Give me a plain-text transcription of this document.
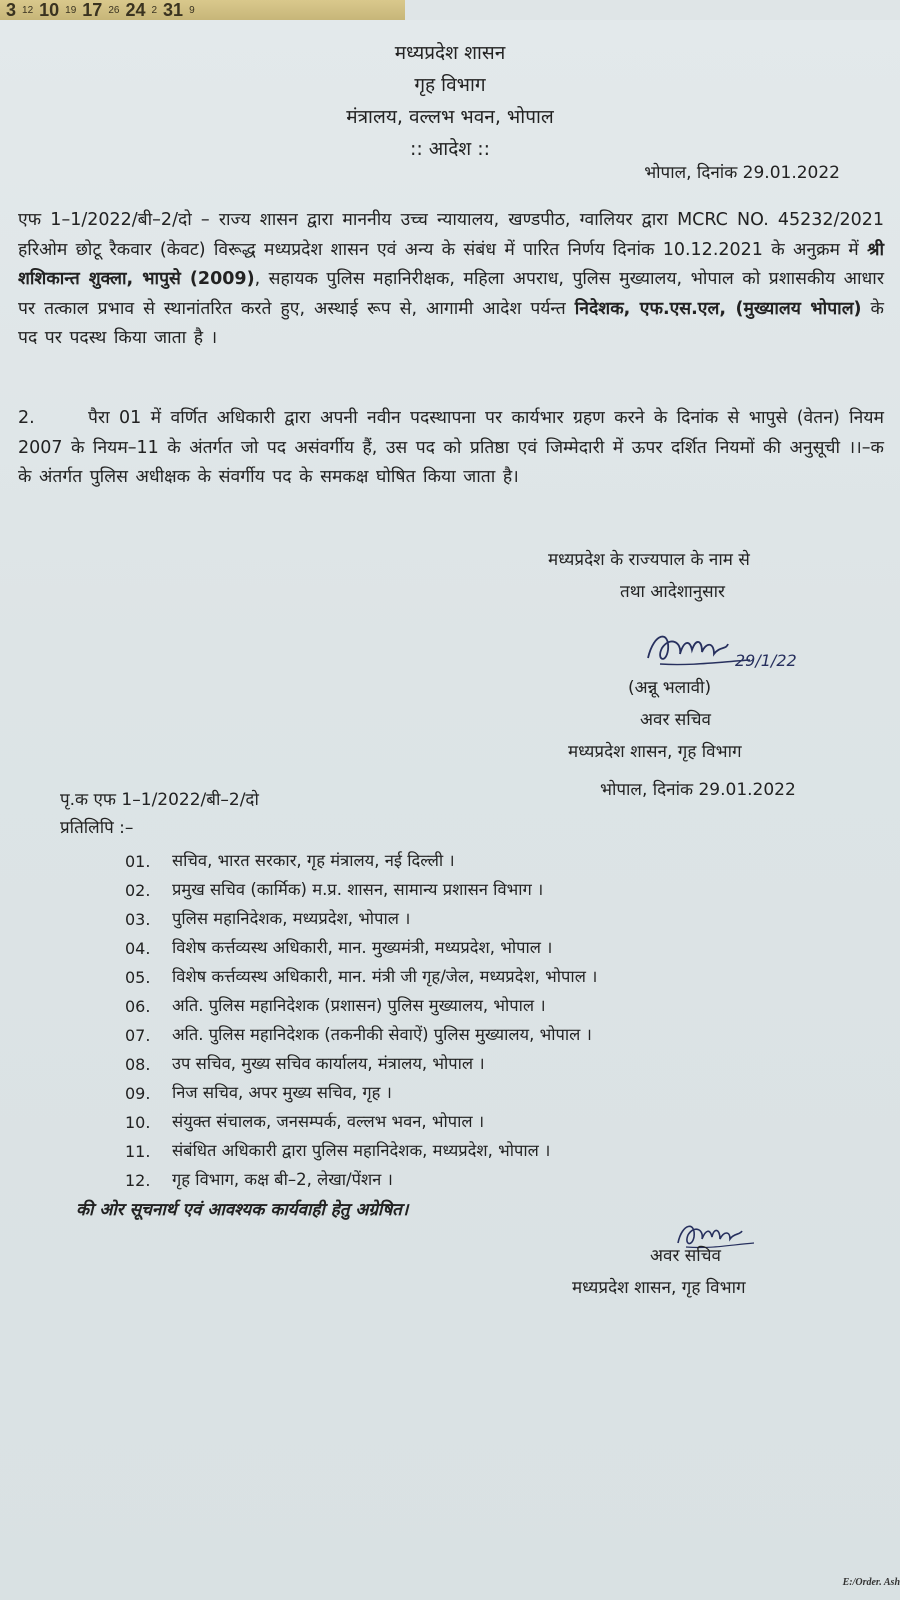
3 12 10 19 17 26 24 2 31 9
मध्यप्रदेश शासन
गृह विभाग
मंत्रालय, वल्लभ भवन, भोपाल
:: आदेश ::
भोपाल, दिनांक 29.01.2022
एफ 1–1/2022/बी–2/दो – राज्य शासन द्वारा माननीय उच्च न्यायालय, खण्डपीठ, ग्वालियर द्वारा MCRC NO. 45232/2021 हरिओम छोटू रैकवार (केवट) विरूद्ध मध्यप्रदेश शासन एवं अन्य के संबंध में पारित निर्णय दिनांक 10.12.2021 के अनुक्रम में श्री शशिकान्त शुक्ला, भापुसे (2009), सहायक पुलिस महानिरीक्षक, महिला अपराध, पुलिस मुख्यालय, भोपाल को प्रशासकीय आधार पर तत्काल प्रभाव से स्थानांतरित करते हुए, अस्थाई रूप से, आगामी आदेश पर्यन्त निदेशक, एफ.एस.एल, (मुख्यालय भोपाल) के पद पर पदस्थ किया जाता है ।
2.	पैरा 01 में वर्णित अधिकारी द्वारा अपनी नवीन पदस्थापना पर कार्यभार ग्रहण करने के दिनांक से भापुसे (वेतन) नियम 2007 के नियम–11 के अंतर्गत जो पद असंवर्गीय हैं, उस पद को प्रतिष्ठा एवं जिम्मेदारी में ऊपर दर्शित नियमों की अनुसूची ।।–क के अंतर्गत पुलिस अधीक्षक के संवर्गीय पद के समकक्ष घोषित किया जाता है।
मध्यप्रदेश के राज्यपाल के नाम से
तथा आदेशानुसार
29/1/22
(अन्नू भलावी)
अवर सचिव
मध्यप्रदेश शासन, गृह विभाग
पृ.क एफ 1–1/2022/बी–2/दो	भोपाल, दिनांक 29.01.2022
प्रतिलिपि :–
01. सचिव, भारत सरकार, गृह मंत्रालय, नई दिल्ली ।
02. प्रमुख सचिव (कार्मिक) म.प्र. शासन, सामान्य प्रशासन विभाग ।
03. पुलिस महानिदेशक, मध्यप्रदेश, भोपाल ।
04. विशेष कर्त्तव्यस्थ अधिकारी, मान. मुख्यमंत्री, मध्यप्रदेश, भोपाल ।
05. विशेष कर्त्तव्यस्थ अधिकारी, मान. मंत्री जी गृह/जेल, मध्यप्रदेश, भोपाल ।
06. अति. पुलिस महानिदेशक (प्रशासन) पुलिस मुख्यालय, भोपाल ।
07. अति. पुलिस महानिदेशक (तकनीकी सेवाऐं) पुलिस मुख्यालय, भोपाल ।
08. उप सचिव, मुख्य सचिव कार्यालय, मंत्रालय, भोपाल ।
09. निज सचिव, अपर मुख्य सचिव, गृह ।
10. संयुक्त संचालक, जनसम्पर्क, वल्लभ भवन, भोपाल ।
11. संबंधित अधिकारी द्वारा पुलिस महानिदेशक, मध्यप्रदेश, भोपाल ।
12. गृह विभाग, कक्ष बी–2, लेखा/पेंशन ।
की ओर सूचनार्थ एवं आवश्यक कार्यवाही हेतु अग्रेषित।
अवर सचिव
मध्यप्रदेश शासन, गृह विभाग
E:/Order. Ash
